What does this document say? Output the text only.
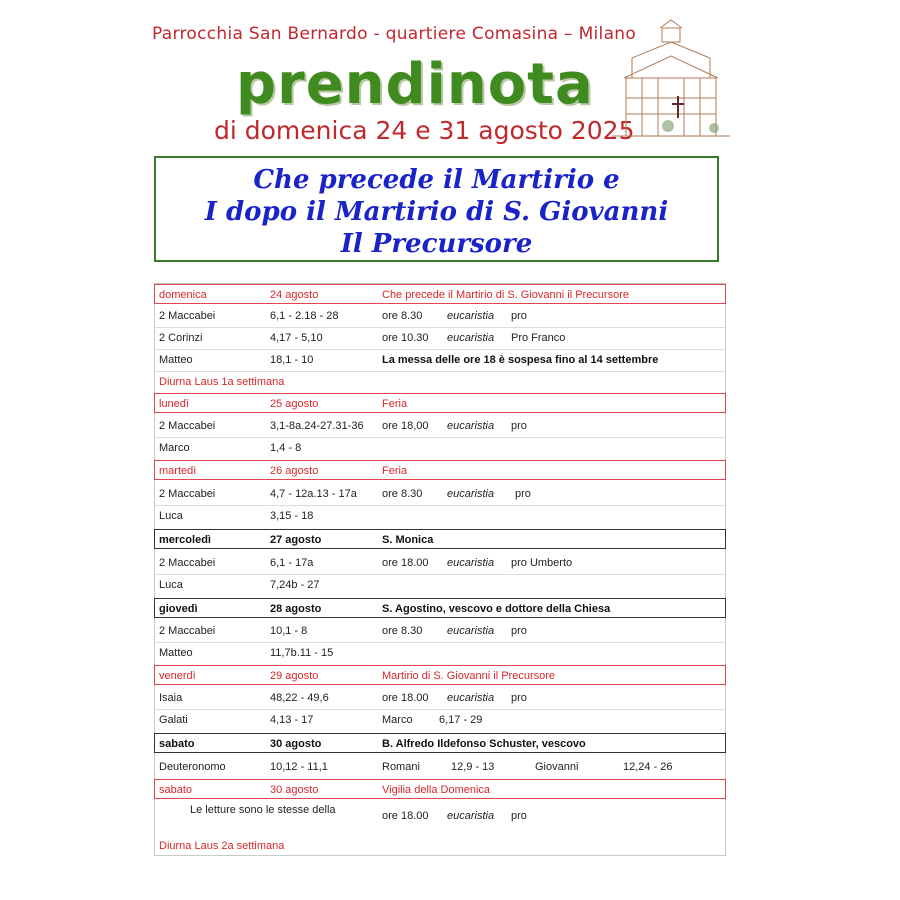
Parrocchia San Bernardo - quartiere Comasina – Milano
prendinota
di domenica 24 e 31 agosto 2025
Che precede il Martirio e
I dopo il Martirio di S. Giovanni
Il Precursore
domenica	24 agosto	Che precede il Martirio di S. Giovanni il Precursore
2 Maccabei	6,1 - 2.18 - 28	ore 8.30 eucaristia pro
2 Corinzi	4,17 - 5,10	ore 10.30 eucaristia Pro Franco
Matteo	18,1 - 10	La messa delle ore 18 è sospesa fino al 14 settembre
Diurna Laus 1a settimana
lunedì	25 agosto	Feria
2 Maccabei	3,1-8a.24-27.31-36 ore 18,00 eucaristia pro
Marco	1,4 - 8
martedì	26 agosto	Feria
2 Maccabei	4,7 - 12a.13 - 17a ore 8.30 eucaristia pro
Luca	3,15 - 18
mercoledì	27 agosto	S. Monica
2 Maccabei	6,1 - 17a	ore 18.00 eucaristia pro Umberto
Luca	7,24b - 27
giovedì	28 agosto	S. Agostino, vescovo e dottore della Chiesa
2 Maccabei	10,1 - 8	ore 8.30 eucaristia pro
Matteo	11,7b.11 - 15
venerdì	29 agosto	Martirio di S. Giovanni il Precursore
Isaia	48,22 - 49,6	ore 18.00 eucaristia pro
Galati	4,13 - 17	Marco 6,17 - 29
sabato	30 agosto	B. Alfredo Ildefonso Schuster, vescovo
Deuteronomo	10,12 - 11,1	Romani	12,9 - 13	Giovanni	12,24 - 26
sabato	30 agosto	Vigilia della Domenica
Le letture sono le stesse della	ore 18.00 eucaristia pro
Diurna Laus 2a settimana
